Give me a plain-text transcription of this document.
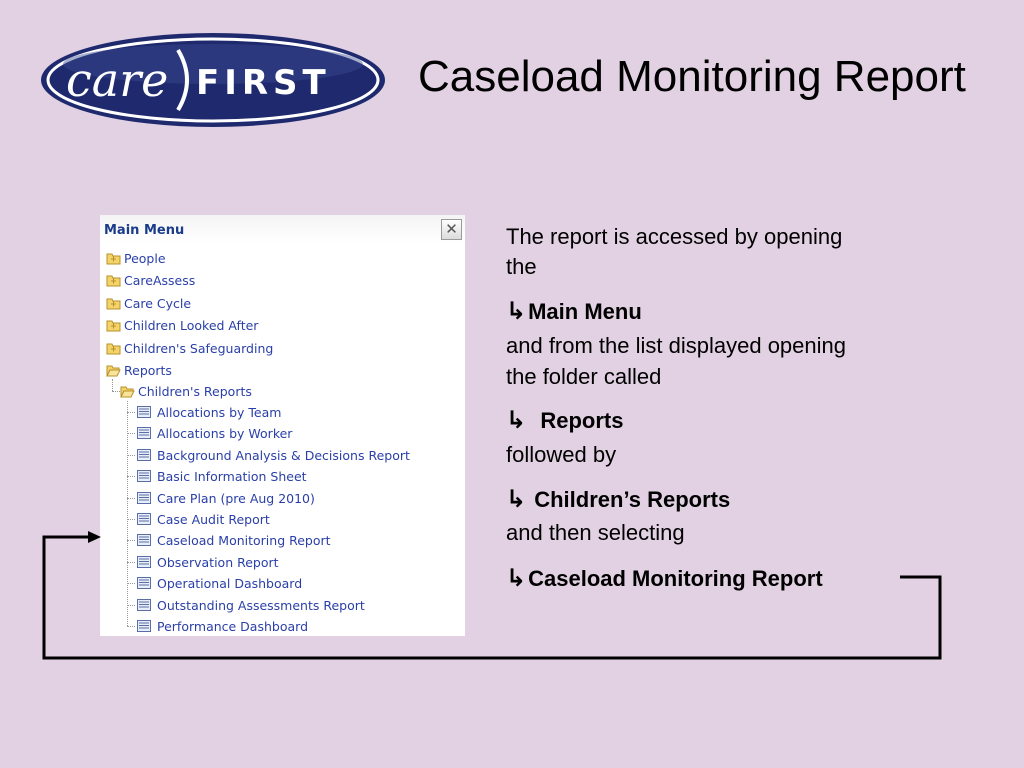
care FIRST Caseload Monitoring Report
Main Menu	✕
People
CareAssess
Care Cycle
Children Looked After
Children's Safeguarding
Reports
Children's Reports
Allocations by Team
Allocations by Worker
Background Analysis & Decisions Report
Basic Information Sheet
Care Plan (pre Aug 2010)
Case Audit Report
Caseload Monitoring Report
Observation Report
Operational Dashboard
Outstanding Assessments Report
Performance Dashboard
The report is accessed by opening
the
↳Main Menu
and from the list displayed opening
the folder called
↳ Reports
followed by
↳ Children’s Reports
and then selecting
↳Caseload Monitoring Report
